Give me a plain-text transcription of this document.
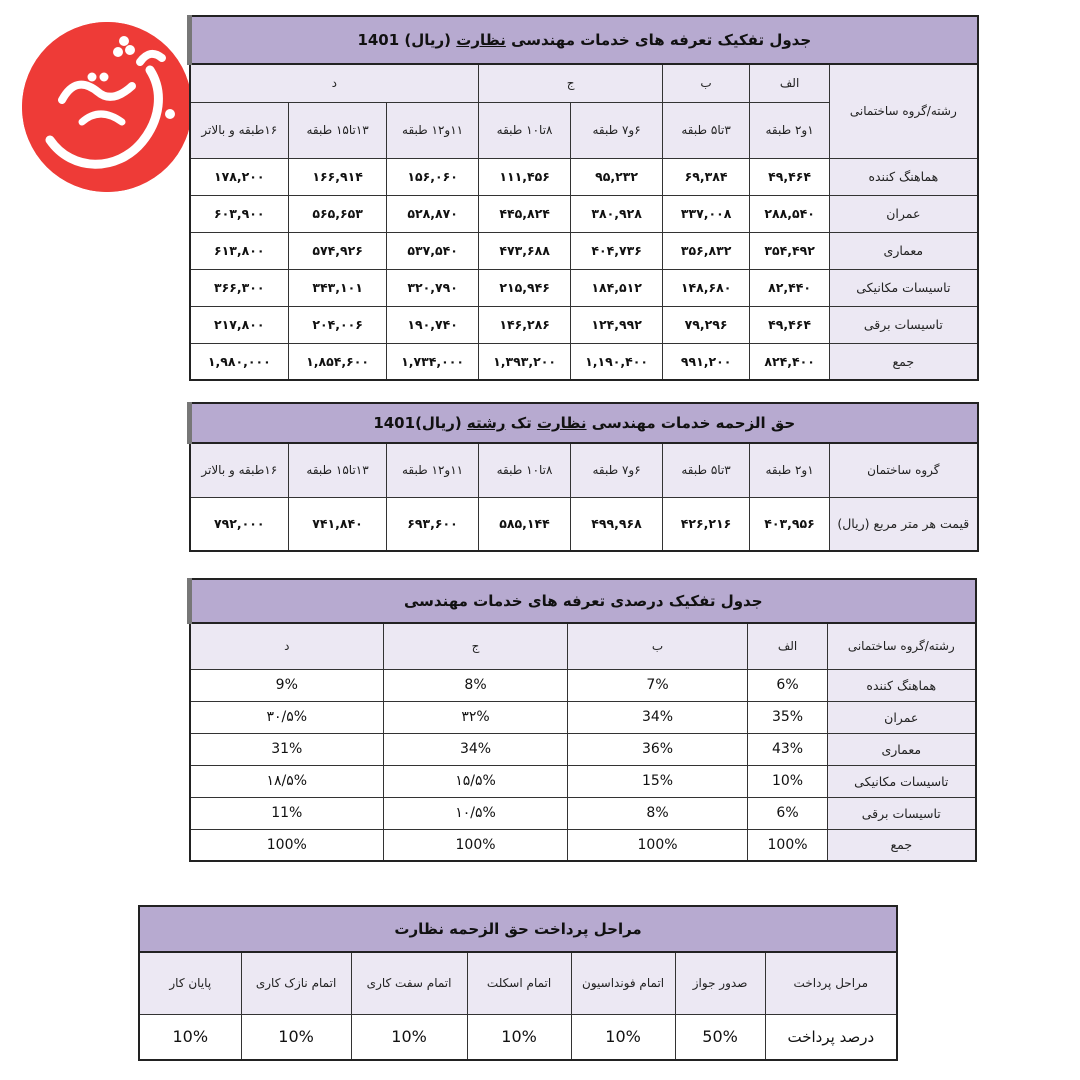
جدول تفکیک تعرفه های خدمات مهندسی نظارت (ریال) 1401							
رشته/گروه ساختمانی	الف	ب	ج		د		
	۱و۲ طبقه	۳تا۵ طبقه	۶و۷ طبقه	۸تا۱۰ طبقه	۱۱و۱۲ طبقه	۱۳تا۱۵ طبقه	۱۶طبقه و بالاتر
هماهنگ کننده	۴۹,۴۶۴	۶۹,۳۸۴	۹۵,۲۳۲	۱۱۱,۴۵۶	۱۵۶,۰۶۰	۱۶۶,۹۱۴	۱۷۸,۲۰۰
عمران	۲۸۸,۵۴۰	۳۳۷,۰۰۸	۳۸۰,۹۲۸	۴۴۵,۸۲۴	۵۲۸,۸۷۰	۵۶۵,۶۵۳	۶۰۳,۹۰۰
معماری	۳۵۴,۴۹۲	۳۵۶,۸۳۲	۴۰۴,۷۳۶	۴۷۳,۶۸۸	۵۳۷,۵۴۰	۵۷۴,۹۲۶	۶۱۳,۸۰۰
تاسیسات مکانیکی	۸۲,۴۴۰	۱۴۸,۶۸۰	۱۸۴,۵۱۲	۲۱۵,۹۴۶	۳۲۰,۷۹۰	۳۴۳,۱۰۱	۳۶۶,۳۰۰
تاسیسات برقی	۴۹,۴۶۴	۷۹,۲۹۶	۱۲۴,۹۹۲	۱۴۶,۲۸۶	۱۹۰,۷۴۰	۲۰۴,۰۰۶	۲۱۷,۸۰۰
جمع	۸۲۴,۴۰۰	۹۹۱,۲۰۰	۱,۱۹۰,۴۰۰	۱,۳۹۳,۲۰۰	۱,۷۳۴,۰۰۰	۱,۸۵۴,۶۰۰	۱,۹۸۰,۰۰۰
حق الزحمه خدمات مهندسی نظارت تک رشته (ریال)1401							
گروه ساختمان	۱و۲ طبقه	۳تا۵ طبقه	۶و۷ طبقه	۸تا۱۰ طبقه	۱۱و۱۲ طبقه	۱۳تا۱۵ طبقه	۱۶طبقه و بالاتر
قیمت هر متر مربع (ریال)	۴۰۳,۹۵۶	۴۲۶,۲۱۶	۴۹۹,۹۶۸	۵۸۵,۱۴۴	۶۹۳,۶۰۰	۷۴۱,۸۴۰	۷۹۲,۰۰۰
جدول تفکیک درصدی تعرفه های خدمات مهندسی				
رشته/گروه ساختمانی	الف	ب	ج	د
هماهنگ کننده	6%	7%	8%	9%
عمران	35%	34%	۳۲%	۳۰/۵%
معماری	43%	36%	34%	31%
تاسیسات مکانیکی	10%	15%	۱۵/۵%	۱۸/۵%
تاسیسات برقی	6%	8%	۱۰/۵%	11%
جمع	100%	100%	100%	100%
مراحل پرداخت حق الزحمه نظارت						
مراحل پرداخت	صدور جواز	اتمام فونداسیون	اتمام اسکلت	اتمام سفت کاری	اتمام نازک کاری	پایان کار
درصد پرداخت	50%	10%	10%	10%	10%	10%
